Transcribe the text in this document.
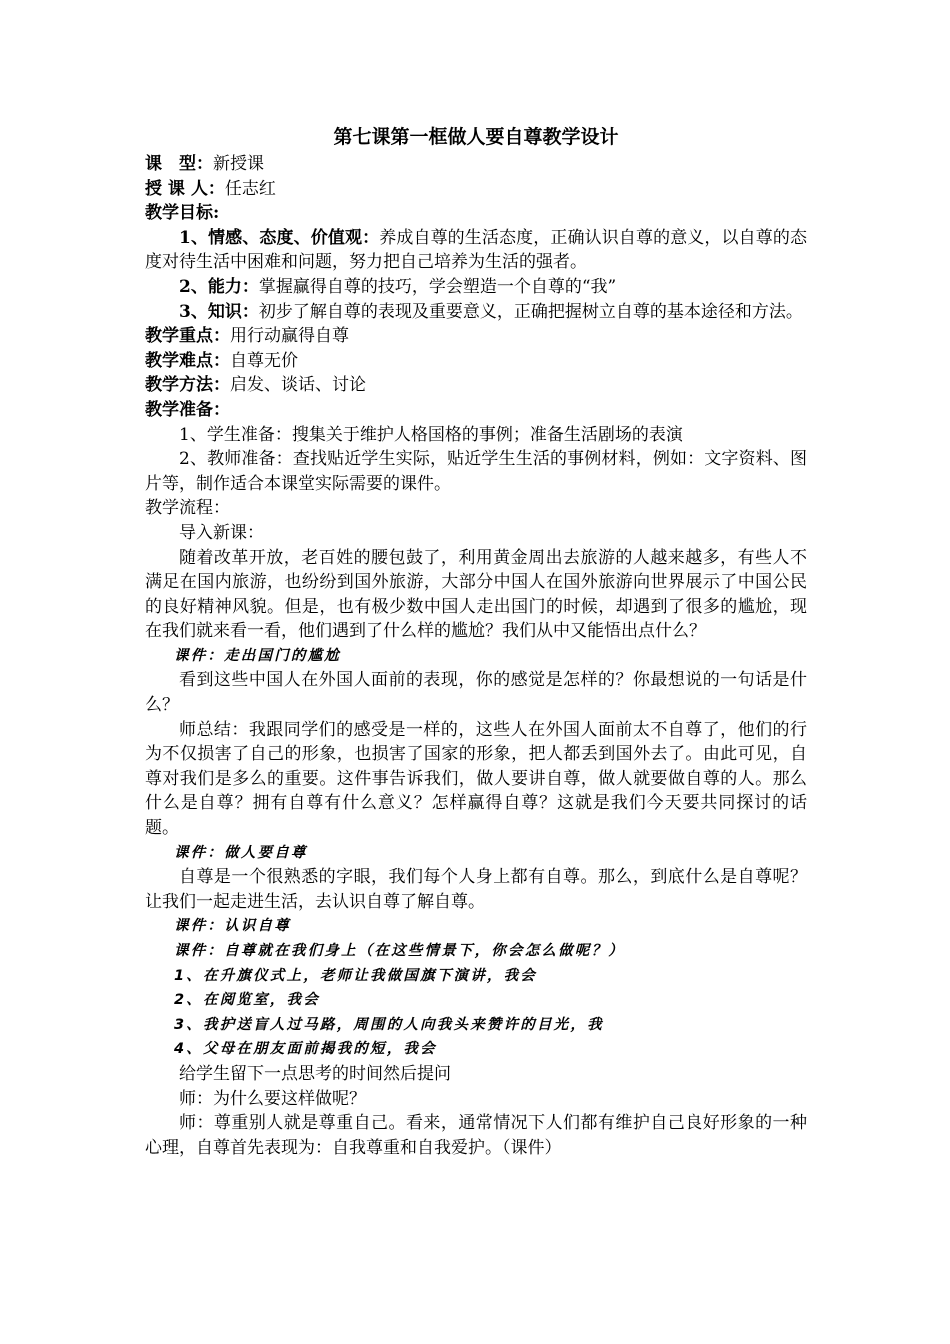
第七课第一框做人要自尊教学设计

课　型：新授课

授 课 人：任志红

教学目标:

1、情感、态度、价值观：养成自尊的生活态度，正确认识自尊的意义，以自尊的态度对待生活中困难和问题，努力把自己培养为生活的强者。

2、能力：掌握赢得自尊的技巧，学会塑造一个自尊的“我”

3、知识：初步了解自尊的表现及重要意义，正确把握树立自尊的基本途径和方法。

教学重点：用行动赢得自尊

教学难点：自尊无价

教学方法：启发、谈话、讨论

教学准备：

1、学生准备：搜集关于维护人格国格的事例；准备生活剧场的表演

2、教师准备：查找贴近学生实际，贴近学生生活的事例材料，例如：文字资料、图片等，制作适合本课堂实际需要的课件。

教学流程：

导入新课：

随着改革开放，老百姓的腰包鼓了，利用黄金周出去旅游的人越来越多，有些人不满足在国内旅游，也纷纷到国外旅游，大部分中国人在国外旅游向世界展示了中国公民的良好精神风貌。但是，也有极少数中国人走出国门的时候，却遇到了很多的尴尬，现在我们就来看一看，他们遇到了什么样的尴尬？我们从中又能悟出点什么？

课件：走出国门的尴尬

看到这些中国人在外国人面前的表现，你的感觉是怎样的？你最想说的一句话是什么？

师总结：我跟同学们的感受是一样的，这些人在外国人面前太不自尊了，他们的行为不仅损害了自己的形象，也损害了国家的形象，把人都丢到国外去了。由此可见，自尊对我们是多么的重要。这件事告诉我们，做人要讲自尊，做人就要做自尊的人。那么什么是自尊？拥有自尊有什么意义？怎样赢得自尊？这就是我们今天要共同探讨的话题。

课件：做人要自尊

自尊是一个很熟悉的字眼，我们每个人身上都有自尊。那么，到底什么是自尊呢？让我们一起走进生活，去认识自尊了解自尊。

课件：认识自尊

课件：自尊就在我们身上（在这些情景下，你会怎么做呢？）

1、在升旗仪式上，老师让我做国旗下演讲，我会

2、在阅览室，我会

3、我护送盲人过马路，周围的人向我头来赞许的目光，我

4、父母在朋友面前揭我的短，我会

给学生留下一点思考的时间然后提问

师：为什么要这样做呢？

师：尊重别人就是尊重自己。看来，通常情况下人们都有维护自己良好形象的一种心理，自尊首先表现为：自我尊重和自我爱护。（课件）
